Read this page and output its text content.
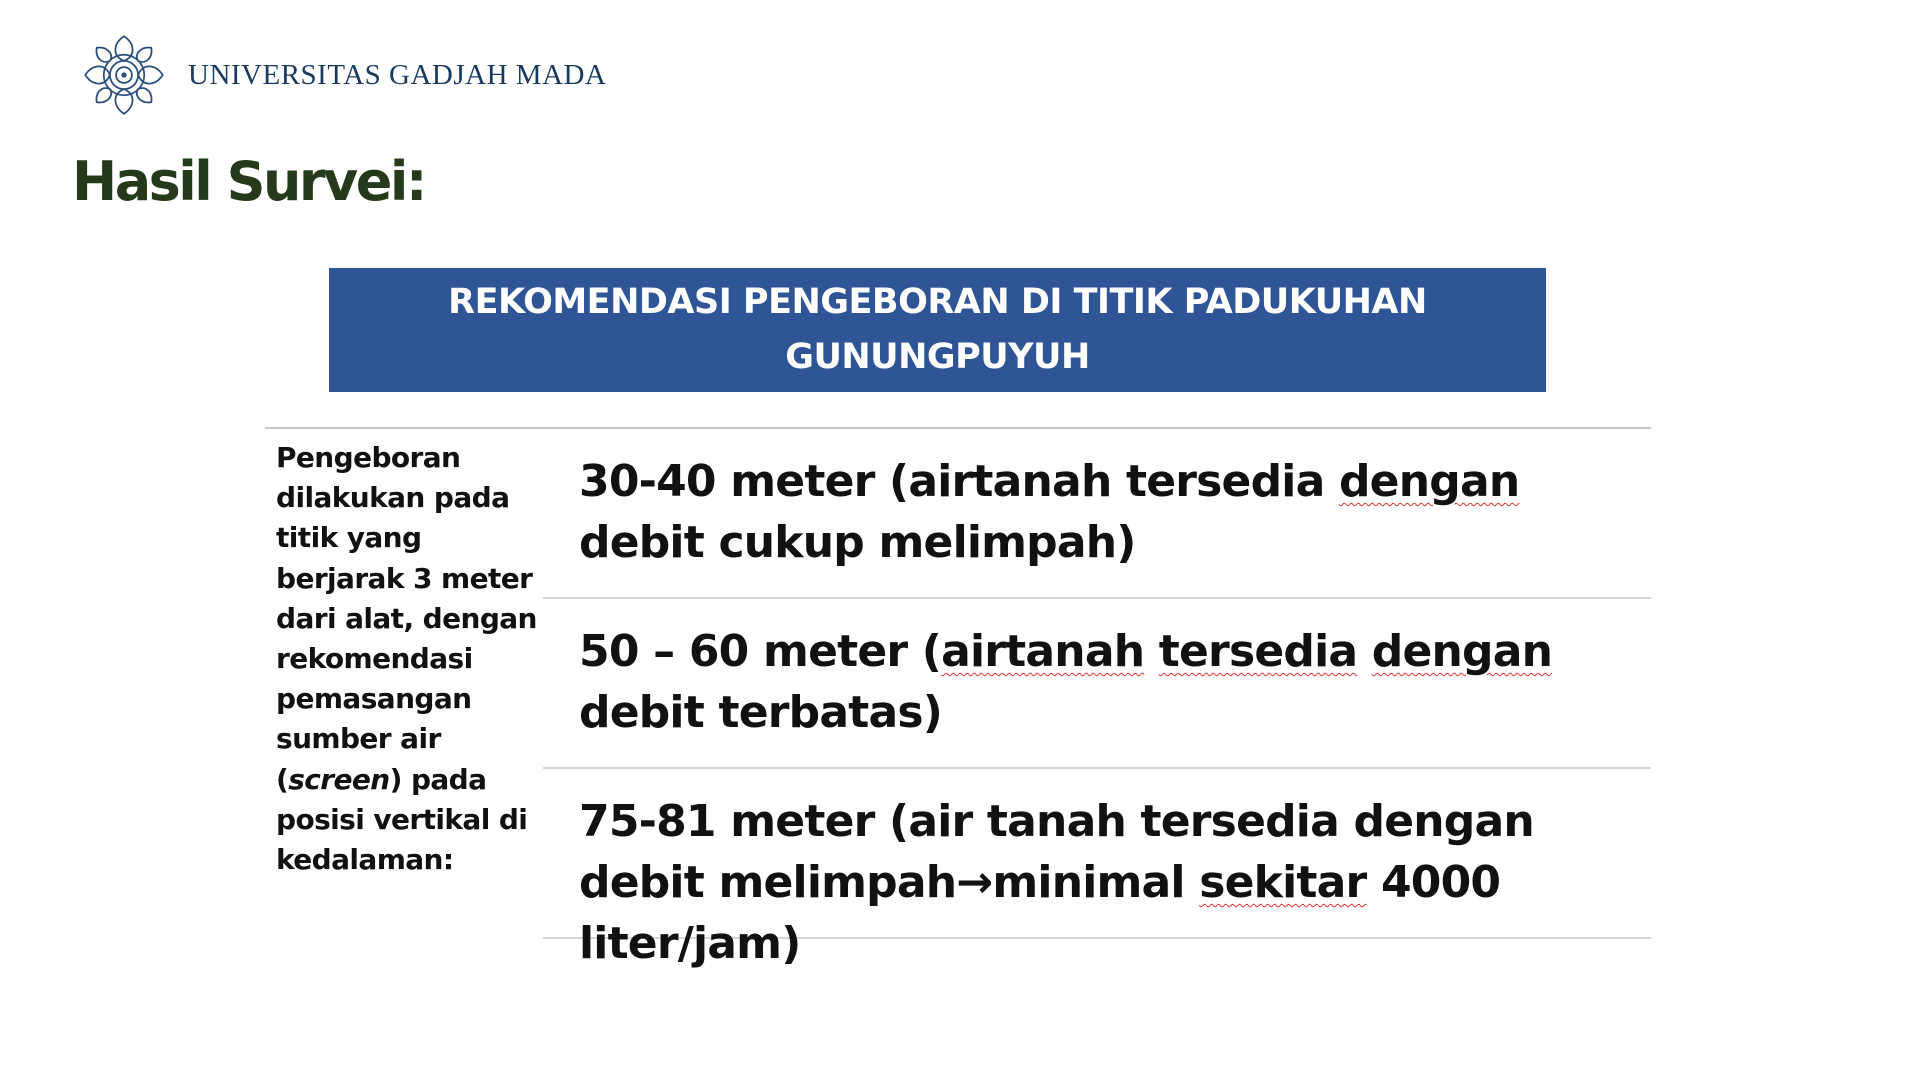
UNIVERSITAS GADJAH MADA
Hasil Survei:
REKOMENDASI PENGEBORAN DI TITIK PADUKUHAN
GUNUNGPUYUH
Pengeboran dilakukan pada titik yang berjarak 3 meter dari alat, dengan rekomendasi pemasangan sumber air (screen) pada posisi vertikal di kedalaman:
30-40 meter (airtanah tersedia dengan debit cukup melimpah)
50 – 60 meter (airtanah tersedia dengan debit terbatas)
75-81 meter (air tanah tersedia dengan debit melimpah→minimal sekitar 4000 liter/jam)
